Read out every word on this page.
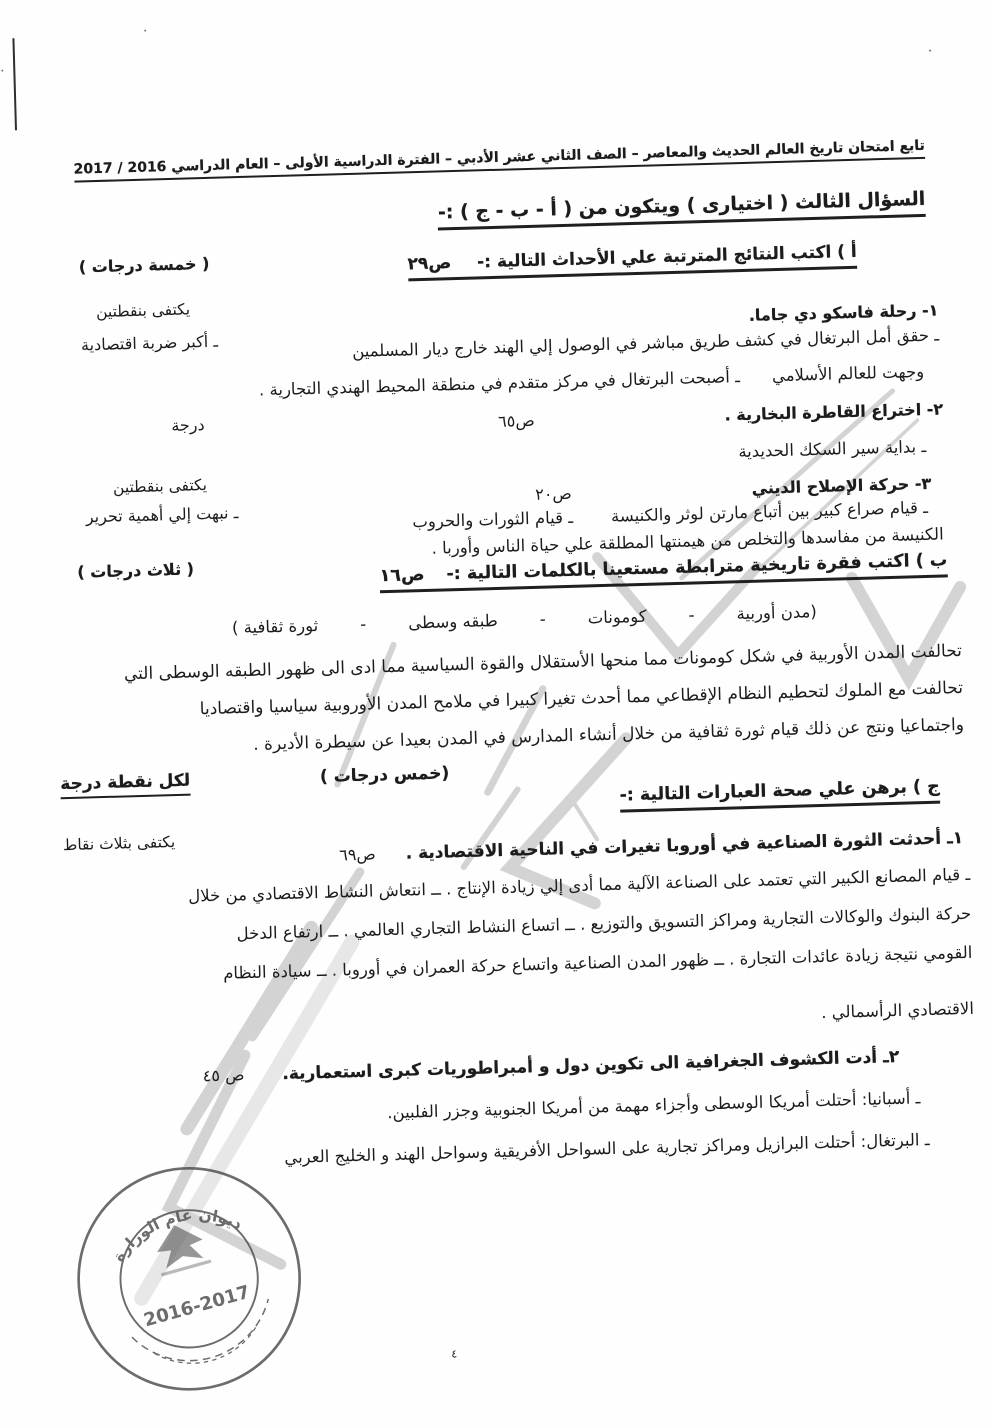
تابع امتحان تاريخ العالم الحديث والمعاصر – الصف الثاني عشر الأدبي – الفترة الدراسية الأولى – العام الدراسي 2016 / 2017
السؤال الثالث ( اختيارى ) ويتكون من ( أ - ب - ج ) :-
أ ) اكتب النتائج المترتبة علي الأحداث التالية :-
ص٢٩
( خمسة درجات )
يكتفى بنقطتين	١- رحلة فاسكو دي جاما.
ـ حقق أمل البرتغال في كشف طريق مباشر في الوصول إلي الهند خارج ديار المسلمين
ـ أكبر ضربة اقتصادية
وجهت للعالم الأسلامي
ـ أصبحت البرتغال في مركز متقدم في منطقة المحيط الهندي التجارية .
٢- اختراع القاطرة البخارية .
ص٦٥
درجة
ـ بداية سير السكك الحديدية
يكتفى بنقطتين	٣- حركة الإصلاح الديني
ص٢٠
ـ قيام صراع كبير بين أتباع مارتن لوثر والكنيسة
ـ قيام الثورات والحروب
ـ نبهت إلي أهمية تحرير
الكنيسة من مفاسدها والتخلص من هيمنتها المطلقة علي حياة الناس وأوربا .
ب ) اكتب فقرة تاريخية مترابطة مستعينا بالكلمات التالية :-
ص١٦
( ثلاث درجات )
(مدن أوربية
-
كومونات
-
طبقه وسطى
-
ثورة ثقافية )
تحالفت المدن الأوربية في شكل كومونات مما منحها الأستقلال والقوة السياسية مما ادى الى ظهور الطبقه الوسطى التي
تحالفت مع الملوك لتحطيم النظام الإقطاعي مما أحدث تغيرا كبيرا في ملامح المدن الأوروبية سياسيا واقتصاديا
واجتماعيا ونتج عن ذلك قيام ثورة ثقافية من خلال أنشاء المدارس في المدن بعيدا عن سيطرة الأديرة .
(خمس درجات )
لكل نقطة درجة	ج ) برهن علي صحة العبارات التالية :-
يكتفى بثلاث نقاط	١ـ أحدثت الثورة الصناعية في أوروبا تغيرات في الناحية الاقتصادية .
ص٦٩
ـ قيام المصانع الكبير التي تعتمد على الصناعة الآلية مما أدى إلي زيادة الإنتاج . ــ انتعاش النشاط الاقتصادي من خلال
حركة البنوك والوكالات التجارية ومراكز التسويق والتوزيع . ــ اتساع النشاط التجاري العالمي . ــ ارتفاع الدخل
القومي نتيجة زيادة عائدات التجارة . ــ ظهور المدن الصناعية واتساع حركة العمران في أوروبا . ــ سيادة النظام
الاقتصادي الرأسمالي .
٢ـ أدت الكشوف الجغرافية الى تكوين دول و أمبراطوريات كبرى استعمارية.
ص ٤٥
ـ أسبانيا: أحتلت أمريكا الوسطى وأجزاء مهمة من أمريكا الجنوبية وجزر الفلبين.
ـ البرتغال: أحتلت البرازيل ومراكز تجارية على السواحل الأفريقية وسواحل الهند و الخليج العربي
ديوان عام الوزارة
2016-2017
٤
